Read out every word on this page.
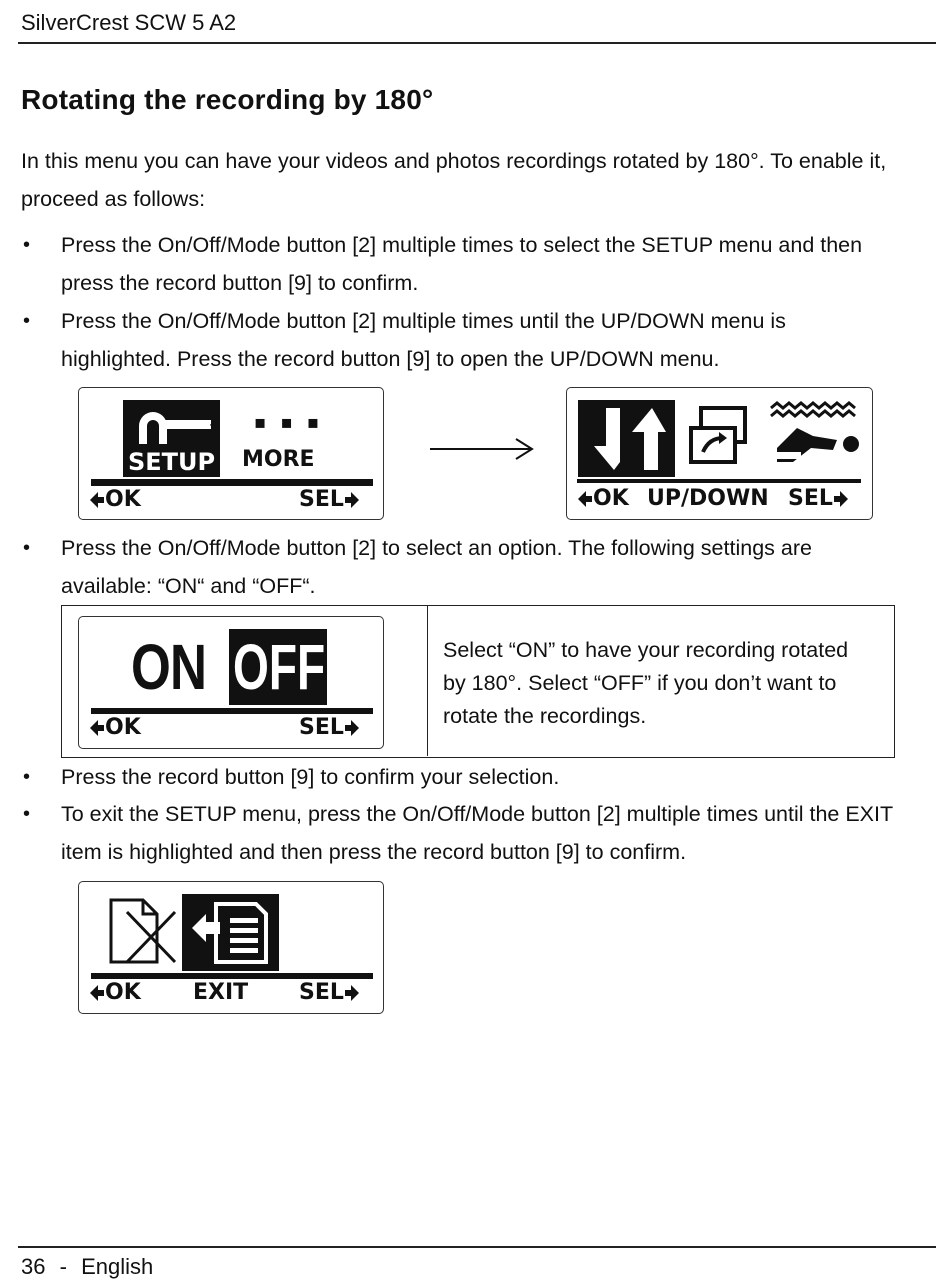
SilverCrest SCW 5 A2
Rotating the recording by 180°
In this menu you can have your videos and photos recordings rotated by 180°. To enable it,
proceed as follows:
• Press the On/Off/Mode button [2] multiple times to select the SETUP menu and then
press the record button [9] to confirm.
• Press the On/Off/Mode button [2] multiple times until the UP/DOWN menu is
highlighted. Press the record button [9] to open the UP/DOWN menu.
+
SETUP
▪ ▪ ▪
MORE
OK	SEL	OK UP/DOWN SEL
• Press the On/Off/Mode button [2] to select an option. The following settings are
available: “ON“ and “OFF“.
ON OFF
OK	SEL
Select “ON” to have your recording rotated
by 180°. Select “OFF” if you don’t want to
rotate the recordings.
• Press the record button [9] to confirm your selection.
• To exit the SETUP menu, press the On/Off/Mode button [2] multiple times until the EXIT
item is highlighted and then press the record button [9] to confirm.
OK EXIT SEL
36 - English
